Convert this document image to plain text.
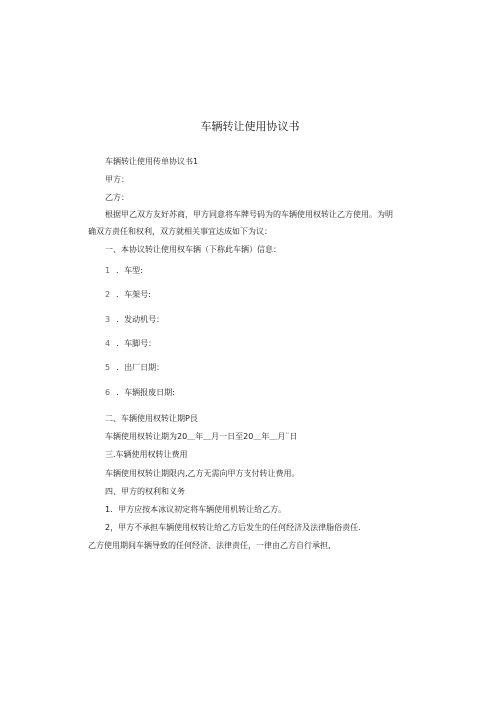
车辆转让使用协议书
车辆转让使用传单协议书1
甲方：
乙方：
根据甲乙双方友好苏商，甲方同意将车牌号码为的车辆使用权转让乙方使用。为明
确双方责任和权利，双方就相关事宜达成如下为议：
一、本协议转让使用权车辆（下称此车辆）信息：
1 ．车型:
2 ．车架号:
3 ．发动机号：
4 ．车脚号：
5 ．出厂日期：
6 ．车辆报废日期:
二、车辆使用权转让期P艮
车辆使用权转让期为20＿年＿月一日至20＿年＿月¨日
三.车辆使用权转让费用
车辆使用权转让期限内,乙方无需向甲方支付转让费用。
四、甲方的权利和义务
1．甲方应按本冰议初定将车辆使用机转让给乙方。
2，甲方不承担车辆使用权转让给乙方后发生的任何经济及法律脂俗责任.
乙方使用期间车辆导致的任何经济、法律责任，一律由乙方自行承担,
